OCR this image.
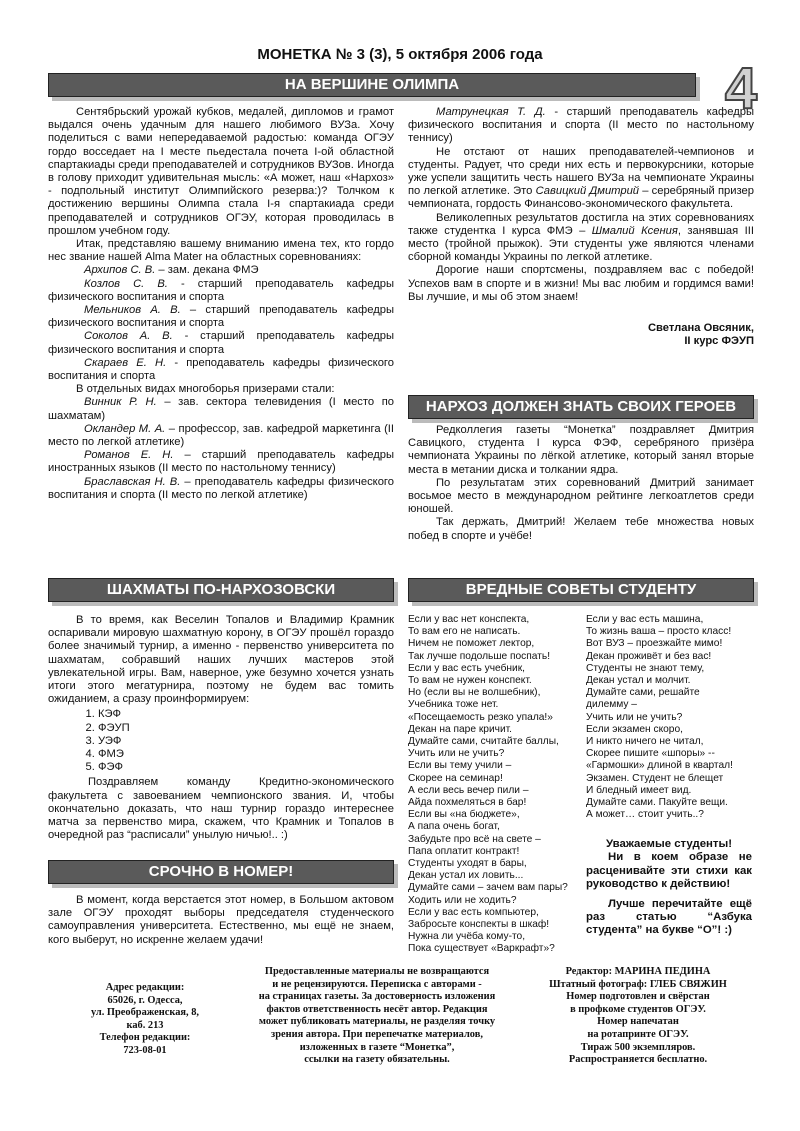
МОНЕТКА № 3 (3), 5 октября 2006 года
4
НА ВЕРШИНЕ ОЛИМПА

Сентябрьский урожай кубков, медалей, дипломов и грамот выдался очень удачным для нашего любимого ВУЗа. Хочу поделиться с вами непередаваемой радостью: команда ОГЭУ гордо восседает на I месте пьедестала почета I-ой областной спартакиады среди преподавателей и сотрудников ВУЗов. Иногда в голову приходит удивительная мысль: «А может, наш «Нархоз» - подпольный институт Олимпийского резерва:)? Толчком к достижению вершины Олимпа стала I-я спартакиада среди преподавателей и сотрудников ОГЭУ, которая проводилась в прошлом учебном году.

Итак, представляю вашему вниманию имена тех, кто гордо нес звание нашей Alma Mater на областных соревнованиях:

Архипов С. В. – зам. декана ФМЭ

Козлов С. В. - старший преподаватель кафедры физического воспитания и спорта

Мельников А. В. – старший преподаватель кафедры физического воспитания и спорта

Соколов А. В. - старший преподаватель кафедры физического воспитания и спорта

Скараев Е. Н. - преподаватель кафедры физического воспитания и спорта

В отдельных видах многоборья призерами стали:

Винник Р. Н. – зав. сектора телевидения (I место по шахматам)

Окландер М. А. – профессор, зав. кафедрой маркетинга (II место по легкой атлетике)

Романов Е. Н. – старший преподаватель кафедры иностранных языков (II место по настольному теннису)

Браславская Н. В. – преподаватель кафедры физического воспитания и спорта (II место по легкой атлетике)

Матрунецкая Т. Д. - старший преподаватель кафедры физического воспитания и спорта (II место по настольному теннису)

Не отстают от наших преподавателей-чемпионов и студенты. Радует, что среди них есть и первокурсники, которые уже успели защитить честь нашего ВУЗа на чемпионате Украины по легкой атлетике. Это Савицкий Дмитрий – серебряный призер чемпионата, гордость Финансово-экономического факультета.

Великолепных результатов достигла на этих соревнованиях также студентка I курса ФМЭ – Шмалий Ксения, занявшая III место (тройной прыжок). Эти студенты уже являются членами сборной команды Украины по легкой атлетике.

Дорогие наши спортсмены, поздравляем вас с победой! Успехов вам в спорте и в жизни! Мы вас любим и гордимся вами! Вы лучшие, и мы об этом знаем!

Светлана Овсяник,

II курс ФЭУП

НАРХОЗ ДОЛЖЕН ЗНАТЬ СВОИХ ГЕРОЕВ

Редколлегия газеты “Монетка” поздравляет Дмитрия Савицкого, студента I курса ФЭФ, серебряного призёра чемпионата Украины по лёгкой атлетике, который занял вторые места в метании диска и толкании ядра.

По результатам этих соревнований Дмитрий занимает восьмое место в международном рейтинге легкоатлетов среди юношей.

Так держать, Дмитрий! Желаем тебе множества новых побед в спорте и учёбе!

ШАХМАТЫ ПО-НАРХОЗОВСКИ

В то время, как Веселин Топалов и Владимир Крамник оспаривали мировую шахматную корону, в ОГЭУ прошёл гораздо более значимый турнир, а именно - первенство университета по шахматам, собравший наших лучших мастеров этой увлекательной игры. Вам, наверное, уже безумно хочется узнать итоги этого мегатурнира, поэтому не будем вас томить ожиданием, а сразу проинформируем:

1. КЭФ
2. ФЭУП
3. УЭФ
4. ФМЭ
5. ФЭФ

Поздравляем команду Кредитно-экономического факультета с завоеванием чемпионского звания. И, чтобы окончательно доказать, что наш турнир гораздо интереснее матча за первенство мира, скажем, что Крамник и Топалов в очередной раз “расписали” унылую ничью!.. :)

СРОЧНО В НОМЕР!

В момент, когда верстается этот номер, в Большом актовом зале ОГЭУ проходят выборы председателя студенческого самоуправления университета. Естественно, мы ещё не знаем, кого выберут, но искренне желаем удачи!

ВРЕДНЫЕ СОВЕТЫ СТУДЕНТУ
Если у вас нет конспекта,
То вам его не написать.
Ничем не поможет лектор,
Так лучше подольше поспать!
Если у вас есть учебник,
То вам не нужен конспект.
Но (если вы не волшебник),
Учебника тоже нет.
«Посещаемость резко упала!»
Декан на паре кричит.
Думайте сами, считайте баллы,
Учить или не учить?
Если вы тему учили –
Скорее на семинар!
А если весь вечер пили –
Айда похмеляться в бар!
Если вы «на бюджете»,
А папа очень богат,
Забудьте про всё на свете –
Папа оплатит контракт!
Студенты уходят в бары,
Декан устал их ловить...
Думайте сами – зачем вам пары?
Ходить или не ходить?
Если у вас есть компьютер,
Забросьте конспекты в шкаф!
Нужна ли учёба кому-то,
Пока существует «Варкрафт»?
Если у вас есть машина,
То жизнь ваша – просто класс!
Вот ВУЗ – проезжайте мимо!
Декан проживёт и без вас!
Студенты не знают тему,
Декан устал и молчит.
Думайте сами, решайте
дилемму –
Учить или не учить?
Если экзамен скоро,
И никто ничего не читал,
Скорее пишите «шпоры» --
«Гармошки» длиной в квартал!
Экзамен. Студент не блещет
И бледный имеет вид.
Думайте сами. Пакуйте вещи.
А может… стоит учить..?
Уважаемые студенты!
Ни в коем образе не расценивайте эти стихи как руководство к действию!
Лучше перечитайте ещё раз статью “Азбука студента” на букве “О”! :)
Адрес редакции:
65026, г. Одесса,
ул. Преображенская, 8,
каб. 213
Телефон редакции:
723-08-01
Предоставленные материалы не возвращаются
и не рецензируются. Переписка с авторами -
на страницах газеты. За достоверность изложения
фактов ответственность несёт автор. Редакция
может публиковать материалы, не разделяя точку
зрения автора. При перепечатке материалов,
изложенных в газете “Монетка”,
ссылки на газету обязательны.
Редактор: МАРИНА ПЕДИНА
Штатный фотограф: ГЛЕБ СВЯЖИН
Номер подготовлен и свёрстан
в профкоме студентов ОГЭУ.
Номер напечатан
на ротапринте ОГЭУ.
Тираж 500 экземпляров.
Распространяется бесплатно.
